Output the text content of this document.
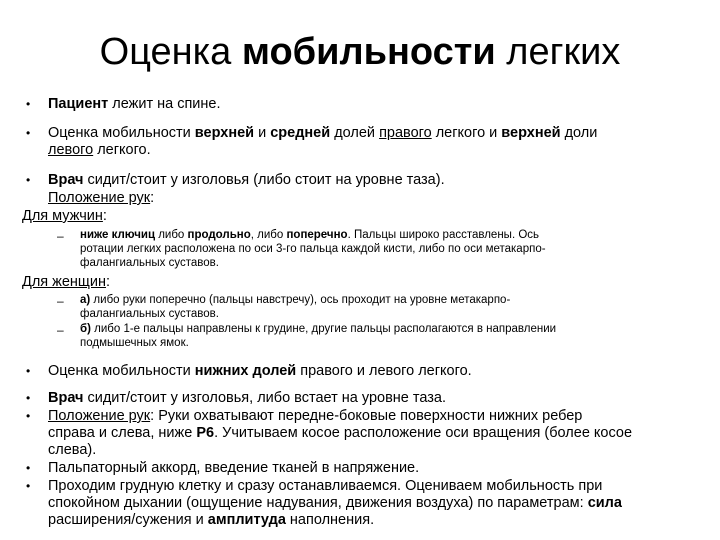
Оценка мобильности легких
• Пациент лежит на спине.
• Оценка мобильности верхней и средней долей правого легкого и верхней доли
левого легкого.
• Врач сидит/стоит у изголовья (либо стоит на уровне таза).
Положение рук:
Для мужчин:
– ниже ключиц либо продольно, либо поперечно. Пальцы широко расставлены. Ось
ротации легких расположена по оси 3-го пальца каждой кисти, либо по оси метакарпо-
фалангиальных суставов.
Для женщин:
– а) либо руки поперечно (пальцы навстречу), ось проходит на уровне метакарпо-
фалангиальных суставов.
– б) либо 1-е пальцы направлены к грудине, другие пальцы располагаются в направлении
подмышечных ямок.
• Оценка мобильности нижних долей правого и левого легкого.
• Врач сидит/стоит у изголовья, либо встает на уровне таза.
• Положение рук: Руки охватывают передне-боковые поверхности нижних ребер
справа и слева, ниже Р6. Учитываем косое расположение оси вращения (более косое
слева).
• Пальпаторный аккорд, введение тканей в напряжение.
• Проходим грудную клетку и сразу останавливаемся. Оцениваем мобильность при
спокойном дыхании (ощущение надувания, движения воздуха) по параметрам: сила
расширения/сужения и амплитуда наполнения.
